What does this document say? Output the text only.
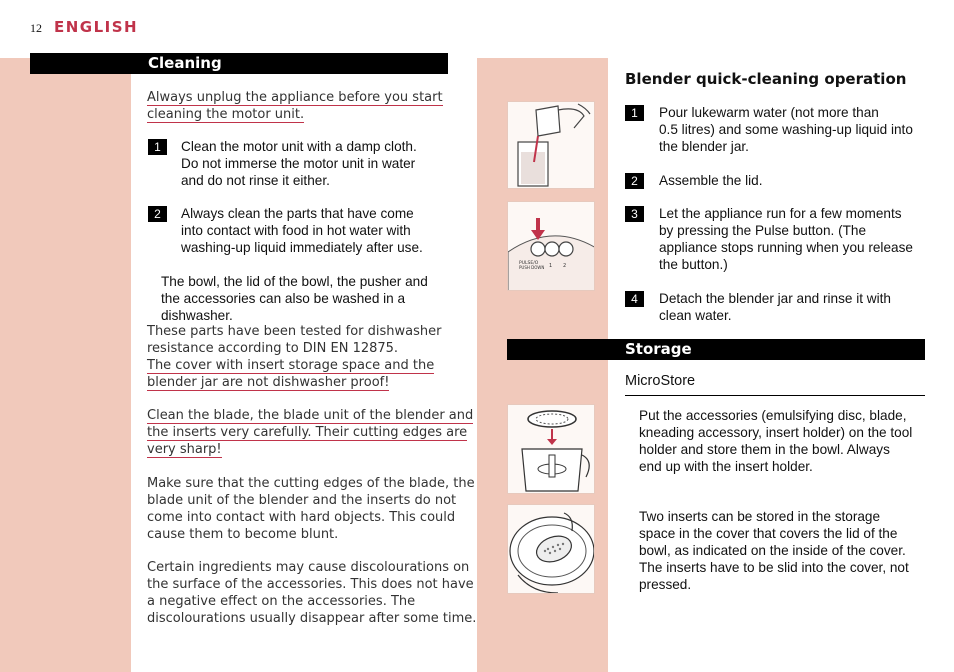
12 ENGLISH
Cleaning
Always unplug the appliance before you start
cleaning the motor unit.
1	Clean the motor unit with a damp cloth.
Do not immerse the motor unit in water
and do not rinse it either.
2	Always clean the parts that have come
into contact with food in hot water with
washing-up liquid immediately after use.
The bowl, the lid of the bowl, the pusher and
the accessories can also be washed in a
dishwasher.
These parts have been tested for dishwasher
resistance according to DIN EN 12875.
The cover with insert storage space and the
blender jar are not dishwasher proof!
Clean the blade, the blade unit of the blender and
the inserts very carefully. Their cutting edges are
very sharp!
Make sure that the cutting edges of the blade, the
blade unit of the blender and the inserts do not
come into contact with hard objects. This could
cause them to become blunt.
Certain ingredients may cause discolourations on
the surface of the accessories. This does not have
a negative effect on the accessories. The
discolourations usually disappear after some time.
PULSE/O
PUSH DOWN 1 2
Blender quick-cleaning operation
1	Pour lukewarm water (not more than
0.5 litres) and some washing-up liquid into
the blender jar.
2	Assemble the lid.
3	Let the appliance run for a few moments
by pressing the Pulse button. (The
appliance stops running when you release
the button.)
4	Detach the blender jar and rinse it with
clean water.
Storage
MicroStore
Put the accessories (emulsifying disc, blade,
kneading accessory, insert holder) on the tool
holder and store them in the bowl. Always
end up with the insert holder.
Two inserts can be stored in the storage
space in the cover that covers the lid of the
bowl, as indicated on the inside of the cover.
The inserts have to be slid into the cover, not
pressed.
